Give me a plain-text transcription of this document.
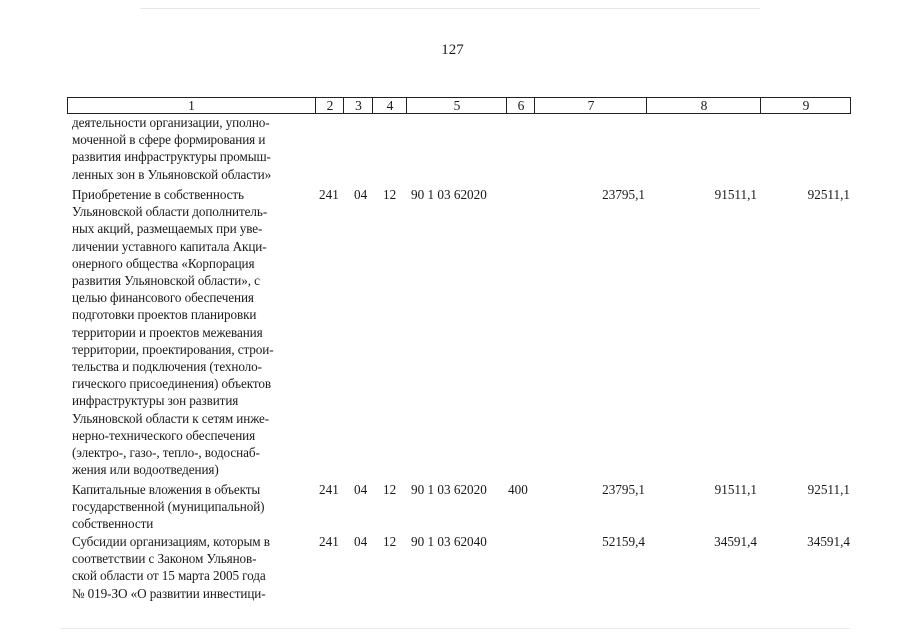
127
1	2	3	4	5	6	7	8	9
деятельности организации, уполно-
моченной в сфере формирования и
развития инфраструктуры промыш-
ленных зон в Ульяновской области»
Приобретение в собственность
Ульяновской области дополнитель-
ных акций, размещаемых при уве-
личении уставного капитала Акци-
онерного общества «Корпорация
развития Ульяновской области», с
целью финансового обеспечения
подготовки проектов планировки
территории и проектов межевания
территории, проектирования, строи-
тельства и подключения (техноло-
гического присоединения) объектов
инфраструктуры зон развития
Ульяновской области к сетям инже-
нерно-технического обеспечения
(электро-, газо-, тепло-, водоснаб-
жения или водоотведения)
241 04 12 90 1 03 62020	23795,1	91511,1	92511,1
Капитальные вложения в объекты
государственной (муниципальной)
собственности
241 04 12 90 1 03 62020 400	23795,1	91511,1	92511,1
Субсидии организациям, которым в
соответствии с Законом Ульянов-
ской области от 15 марта 2005 года
№ 019-ЗО «О развитии инвестици-
241 04 12 90 1 03 62040	52159,4	34591,4	34591,4
